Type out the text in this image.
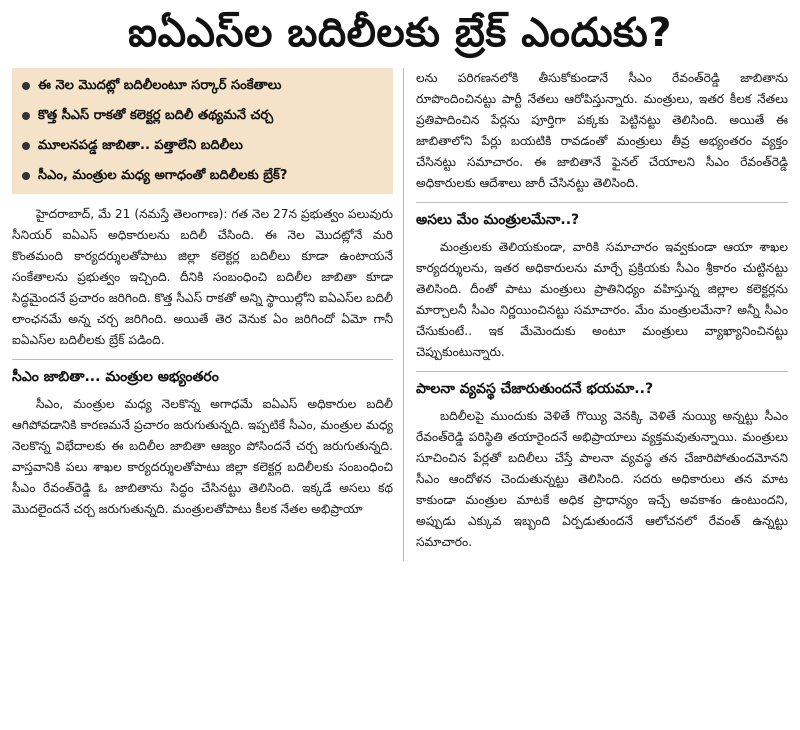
ఐఏఎస్‌ల బదిలీలకు బ్రేక్ ఎందుకు?
ఈ నెల మొదట్లో బదిలీలంటూ సర్కార్ సంకేతాలు
కొత్త సీఎస్ రాకతో కలెక్టర్ల బదిలీ తథ్యమనే చర్చ
మూలనపడ్డ జాబితా.. పత్తాలేని బదిలీలు
సీఎం, మంత్రుల మధ్య అగాధంతో బదిలీలకు బ్రేక్?

హైదరాబాద్, మే 21 (నమస్తే తెలంగాణ): గత నెల 27న ప్రభుత్వం పలువురు సీనియర్ ఐఏఎస్ అధికారులను బదిలీ చేసింది. ఈ నెల మొదట్లోనే మరి కొంతమంది కార్యదర్శులతోపాటు జిల్లా కలెక్టర్ల బదిలీలు కూడా ఉంటాయనే సంకేతాలను ప్రభుత్వం ఇచ్చింది. దీనికి సంబంధించి బదిలీల జాబితా కూడా సిద్ధమైందనే ప్రచారం జరిగింది. కొత్త సీఎస్ రాకతో అన్ని స్థాయిల్లోని ఐఏఎస్‌ల బదిలీ లాంఛనమే అన్న చర్చ జరిగింది. అయితే తెర వెనుక ఏం జరిగిందో ఏమో గానీ ఐఏఎస్‌ల బదిలీలకు బ్రేక్ పడింది.

సీఎం జాబితా... మంత్రుల అభ్యంతరం

సీఎం, మంత్రుల మధ్య నెలకొన్న అగాధమే ఐఏఎస్ అధికారుల బదిలీ ఆగిపోవడానికి కారణమనే ప్రచారం జరుగుతున్నది. ఇప్పటికే సీఎం, మంత్రుల మధ్య నెలకొన్న విభేదాలకు ఈ బదిలీల జాబితా ఆజ్యం పోసిందనే చర్చ జరుగుతున్నది. వాస్తవానికి పలు శాఖల కార్యదర్శులతోపాటు జిల్లా కలెక్టర్ల బదిలీలకు సంబంధించి సీఎం రేవంత్‌రెడ్డి ఓ జాబితాను సిద్ధం చేసినట్టు తెలిసింది. ఇక్కడే అసలు కథ మొదలైందనే చర్చ జరుగుతున్నది. మంత్రులతోపాటు కీలక నేతల అభిప్రాయా

లను పరిగణనలోకి తీసుకోకుండానే సీఎం రేవంత్‌రెడ్డి జాబితాను రూపొందించినట్టు పార్టీ నేతలు ఆరోపిస్తున్నారు. మంత్రులు, ఇతర కీలక నేతలు ప్రతిపాదించిన పేర్లను పూర్తిగా పక్కకు పెట్టినట్టు తెలిసింది. అయితే ఈ జాబితాలోని పేర్లు బయటికి రావడంతో మంత్రులు తీవ్ర అభ్యంతరం వ్యక్తం చేసినట్టు సమాచారం. ఈ జాబితానే ఫైనల్ చేయాలని సీఎం రేవంత్‌రెడ్డి అధికారులకు ఆదేశాలు జారీ చేసినట్టు తెలిసింది.

అసలు మేం మంత్రులమేనా..?

మంత్రులకు తెలియకుండా, వారికి సమాచారం ఇవ్వకుండా ఆయా శాఖల కార్యదర్శులను, ఇతర అధికారులను మార్చే ప్రక్రియకు సీఎం శ్రీకారం చుట్టినట్టు తెలిసింది. దీంతో పాటు మంత్రులు ప్రాతినిధ్యం వహిస్తున్న జిల్లాల కలెక్టర్లను మార్చాలనీ సీఎం నిర్ణయించినట్టు సమాచారం. మేం మంత్రులమేనా? అన్నీ సీఎం చేసుకుంటే.. ఇక మేమెందుకు అంటూ మంత్రులు వ్యాఖ్యానించినట్టు చెప్పుకుంటున్నారు.

పాలనా వ్యవస్థ చేజారుతుందనే భయమా..?

బదిలీలపై ముందుకు వెళితే గొయ్యి వెనక్కి వెళితే నుయ్యి అన్నట్టు సీఎం రేవంత్‌రెడ్డి పరిస్థితి తయారైందనే అభిప్రాయాలు వ్యక్తమవుతున్నాయి. మంత్రులు సూచించిన పేర్లతో బదిలీలు చేస్తే పాలనా వ్యవస్థ తన చేజారిపోతుందమోనని సీఎం ఆందోళన చెందుతున్నట్టు తెలిసింది. సదరు అధికారులు తన మాట కాకుండా మంత్రుల మాటకే అధిక ప్రాధాన్యం ఇచ్చే అవకాశం ఉంటుందని, అప్పుడు ఎక్కువ ఇబ్బంది ఏర్పడుతుందనే ఆలోచనలో రేవంత్ ఉన్నట్టు సమాచారం.
